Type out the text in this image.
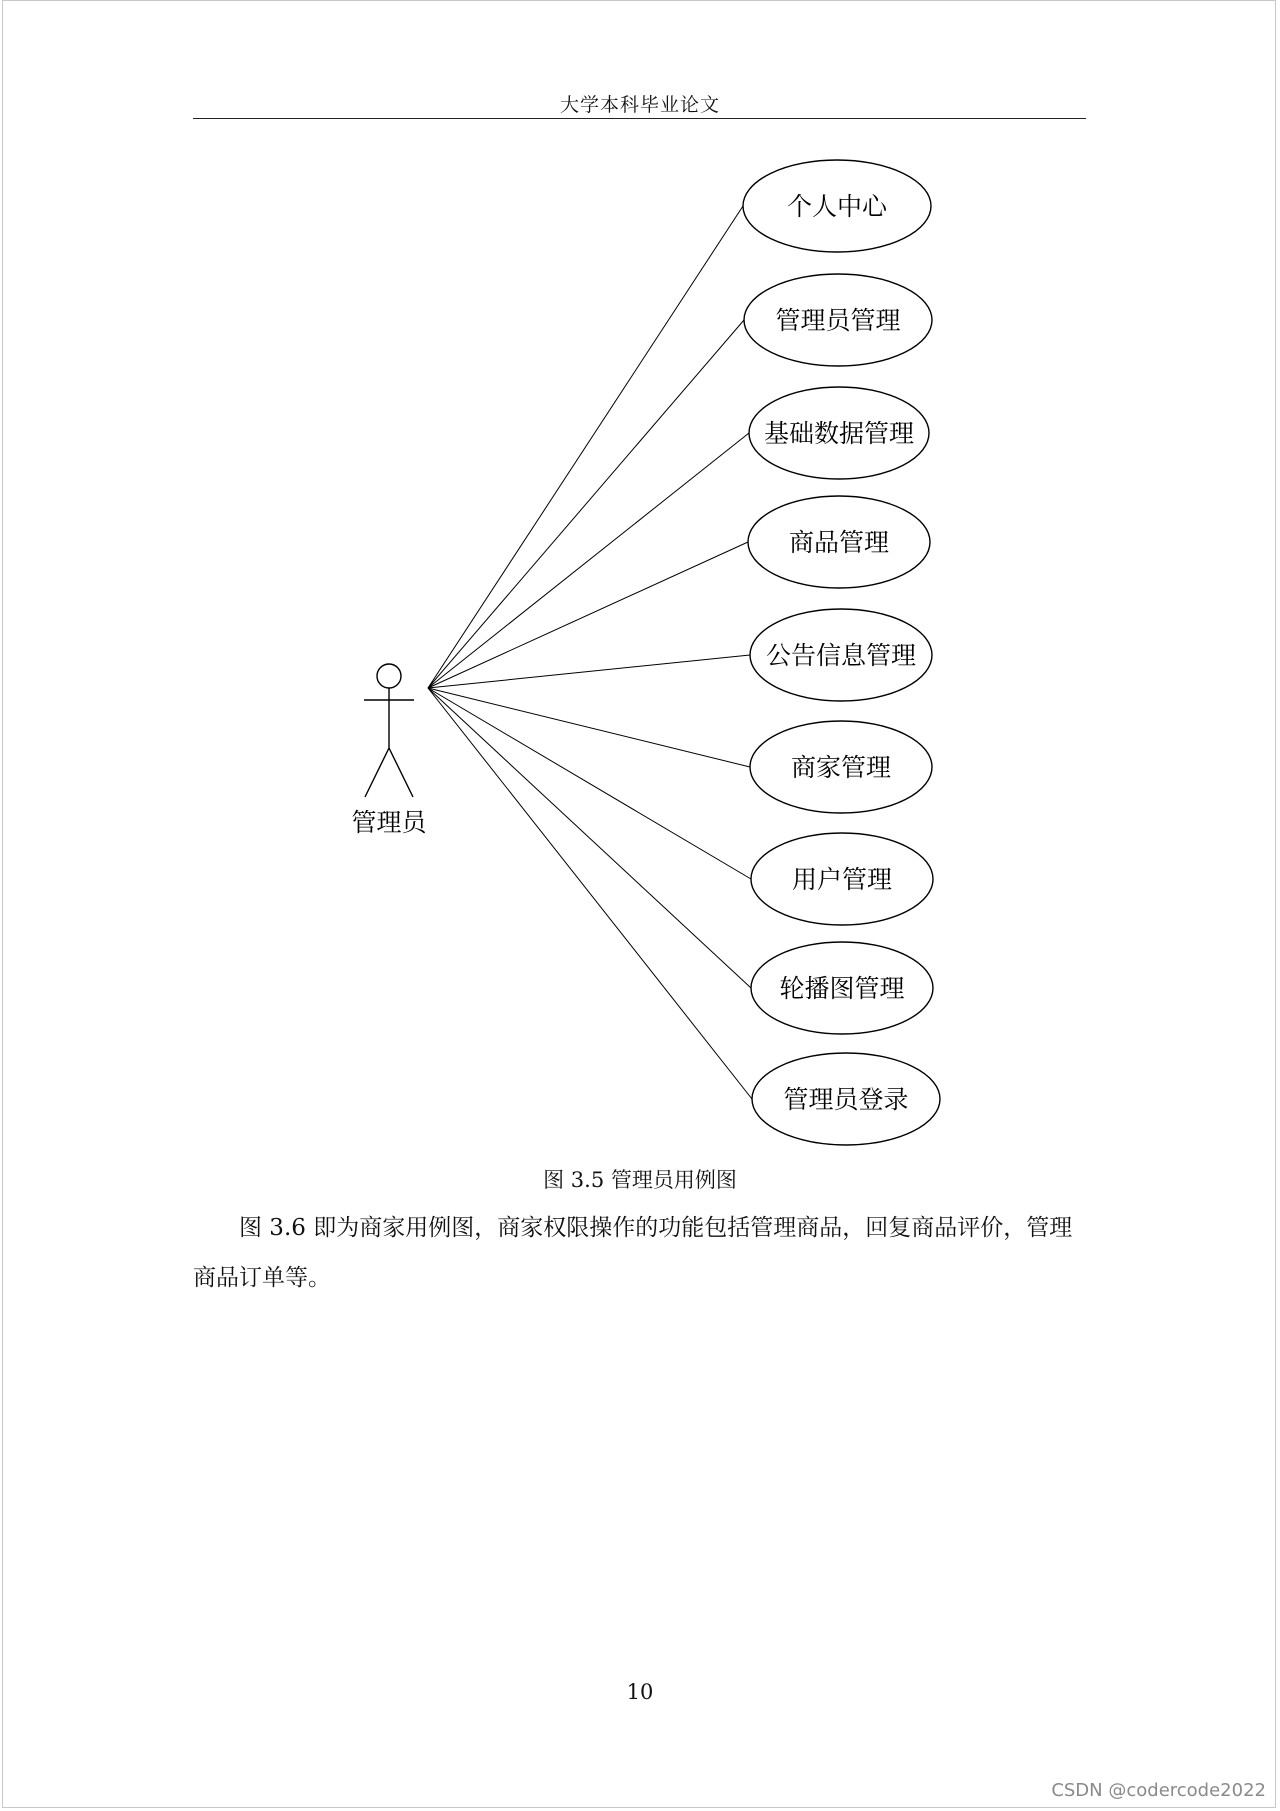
大学本科毕业论文
个人中心
管理员管理
基础数据管理
商品管理
公告信息管理
商家管理
用户管理
轮播图管理
管理员登录
管理员
图 3.5 管理员用例图

图 3.6 即为商家用例图，商家权限操作的功能包括管理商品，回复商品评价，管理商品订单等。

10
CSDN @codercode2022
